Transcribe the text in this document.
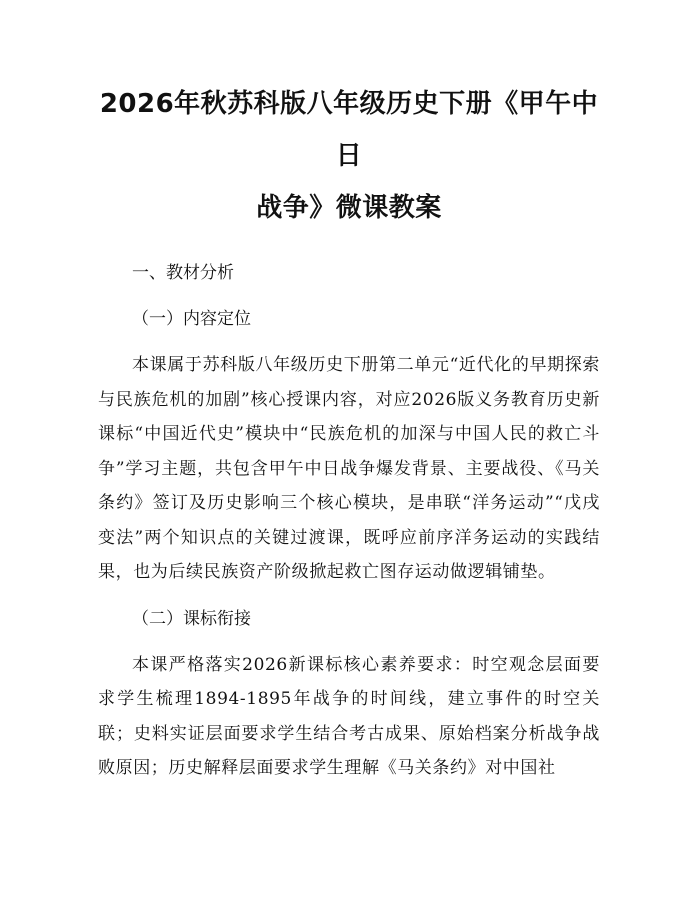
2026年秋苏科版八年级历史下册《甲午中日
战争》微课教案

一、教材分析

（一）内容定位

本课属于苏科版八年级历史下册第二单元“近代化的早期探索与民族危机的加剧”核心授课内容，对应2026版义务教育历史新课标“中国近代史”模块中“民族危机的加深与中国人民的救亡斗争”学习主题，共包含甲午中日战争爆发背景、主要战役、《马关条约》签订及历史影响三个核心模块，是串联“洋务运动”“戊戌变法”两个知识点的关键过渡课，既呼应前序洋务运动的实践结果，也为后续民族资产阶级掀起救亡图存运动做逻辑铺垫。

（二）课标衔接

本课严格落实2026新课标核心素养要求：时空观念层面要求学生梳理1894-1895年战争的时间线，建立事件的时空关联；史料实证层面要求学生结合考古成果、原始档案分析战争战败原因；历史解释层面要求学生理解《马关条约》对中国社
